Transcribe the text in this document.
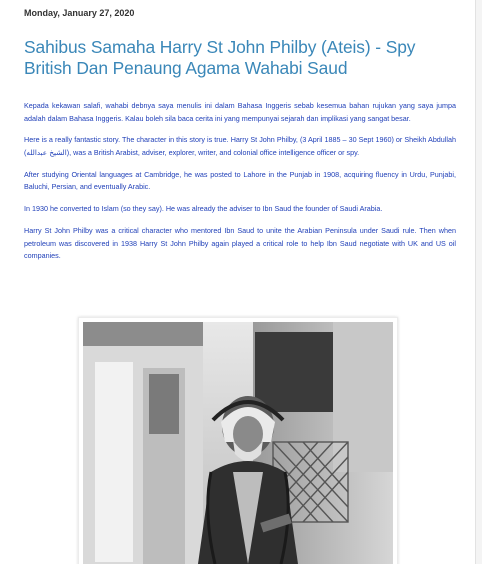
Monday, January 27, 2020
Sahibus Samaha Harry St John Philby (Ateis) - Spy British Dan Penaung Agama Wahabi Saud

Kepada kekawan salafi, wahabi debnya saya menulis ini dalam Bahasa Inggeris sebab kesemua bahan rujukan yang saya jumpa adalah dalam Bahasa Inggeris. Kalau boleh sila baca cerita ini yang mempunyai sejarah dan implikasi yang sangat besar.

Here is a really fantastic story. The character in this story is true. Harry St John Philby, (3 April 1885 – 30 Sept 1960) or Sheikh Abdullah (الشيخ عبدالله), was a British Arabist, adviser, explorer, writer, and colonial office intelligence officer or spy.

After studying Oriental languages at Cambridge, he was posted to Lahore in the Punjab in 1908, acquiring fluency in Urdu, Punjabi, Baluchi, Persian, and eventually Arabic.

In 1930 he converted to Islam (so they say). He was already the adviser to Ibn Saud the founder of Saudi Arabia.

Harry St John Philby was a critical character who mentored Ibn Saud to unite the Arabian Peninsula under Saudi rule. Then when petroleum was discovered in 1938 Harry St John Philby again played a critical role to help Ibn Saud negotiate with UK and US oil companies.
